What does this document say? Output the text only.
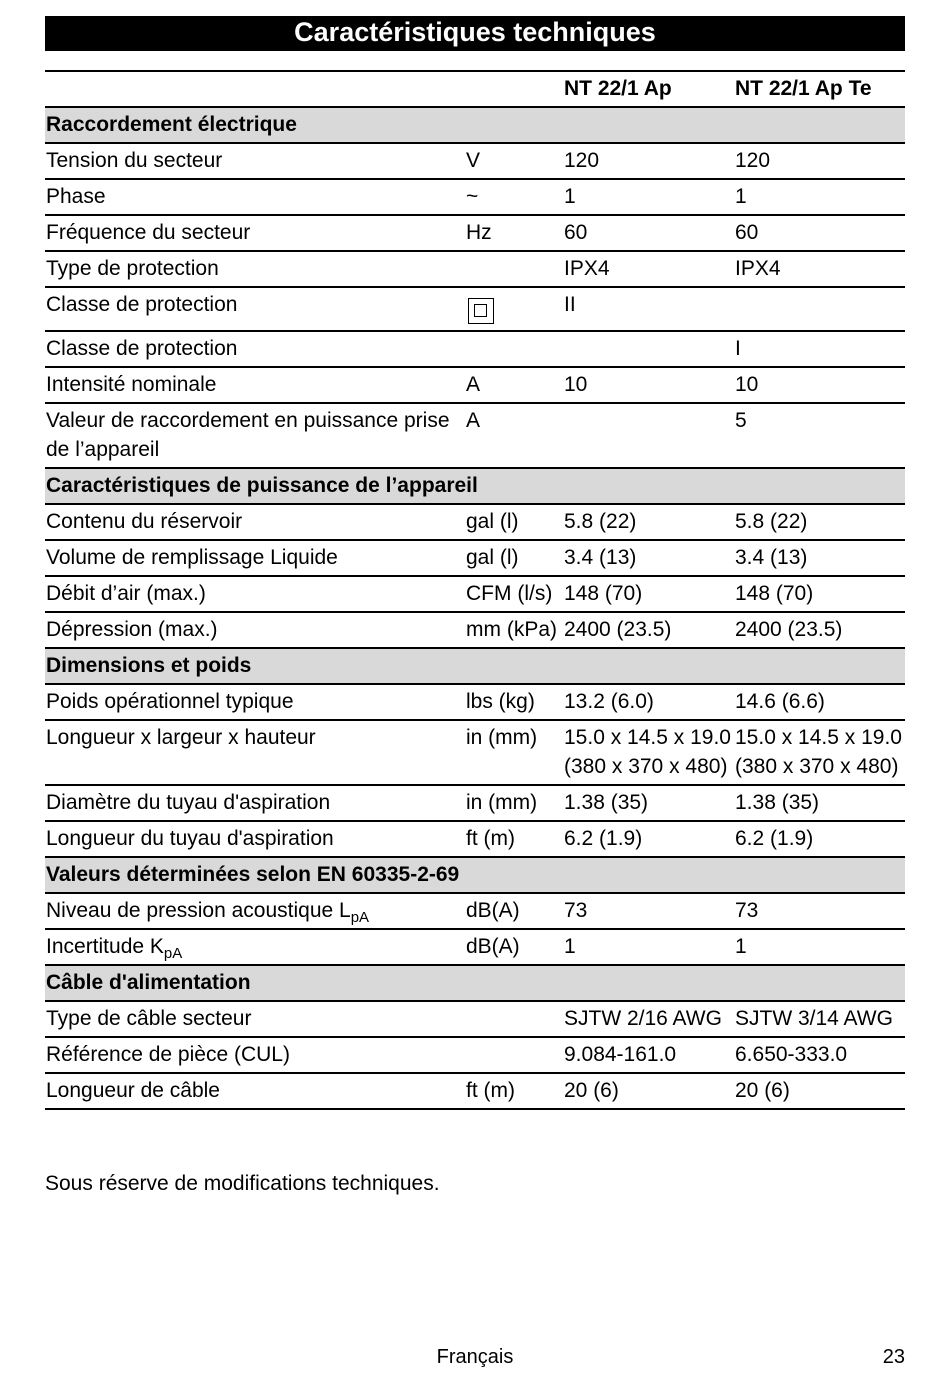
Caractéristiques techniques
		NT 22/1 Ap	NT 22/1 Ap Te
Raccordement électrique			
Tension du secteur	V	120	120
Phase	~	1	1
Fréquence du secteur	Hz	60	60
Type de protection		IPX4	IPX4
Classe de protection		II	
Classe de protection			I
Intensité nominale	A	10	10
Valeur de raccordement en puissance prise de l’appareil	A		5
Caractéristiques de puissance de l’appareil			
Contenu du réservoir	gal (l)	5.8 (22)	5.8 (22)
Volume de remplissage Liquide	gal (l)	3.4 (13)	3.4 (13)
Débit d’air (max.)	CFM (l/s)	148 (70)	148 (70)
Dépression (max.)	mm (kPa)	2400 (23.5)	2400 (23.5)
Dimensions et poids			
Poids opérationnel typique	lbs (kg)	13.2 (6.0)	14.6 (6.6)
Longueur x largeur x hauteur	in (mm)	15.0 x 14.5 x 19.0 (380 x 370 x 480)	15.0 x 14.5 x 19.0 (380 x 370 x 480)
Diamètre du tuyau d'aspiration	in (mm)	1.38 (35)	1.38 (35)
Longueur du tuyau d'aspiration	ft (m)	6.2 (1.9)	6.2 (1.9)
Valeurs déterminées selon EN 60335-2-69			
Niveau de pression acoustique $L_{pA}$	dB(A)	73	73
Incertitude $K_{pA}$	dB(A)	1	1
Câble d'alimentation			
Type de câble secteur		SJTW 2/16 AWG	SJTW 3/14 AWG
Référence de pièce (CUL)		9.084-161.0	6.650-333.0
Longueur de câble	ft (m)	20 (6)	20 (6)
Sous réserve de modifications techniques.
Français	23
